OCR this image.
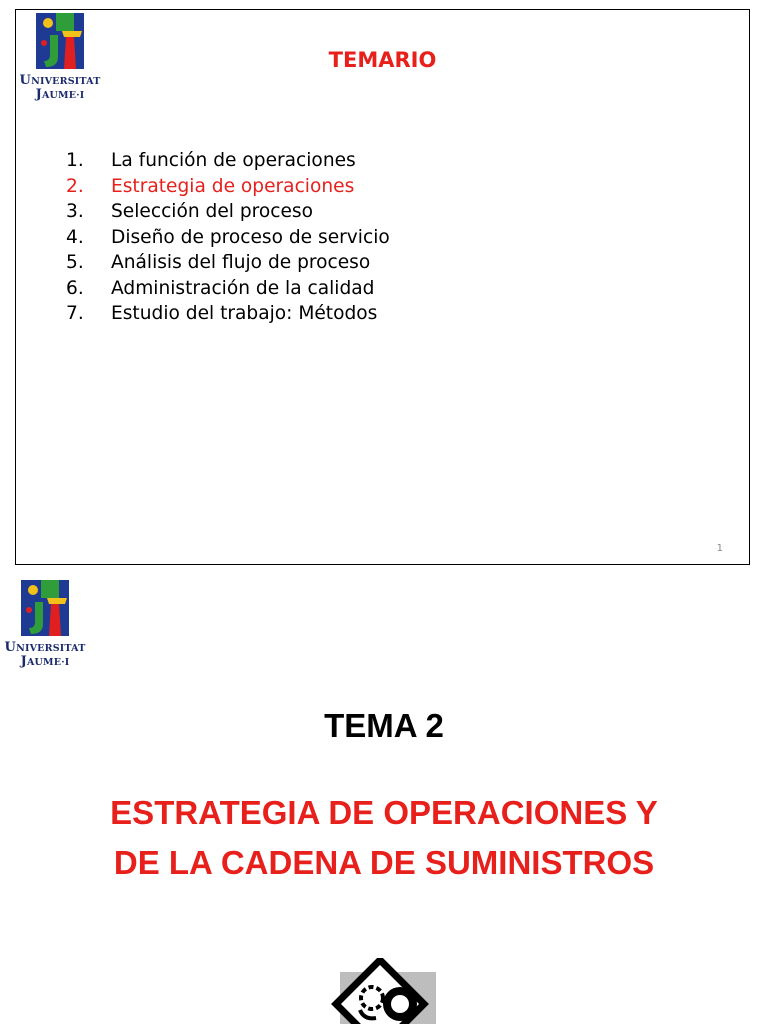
UNIVERSITAT
JAUME·I
TEMARIO
1.	La función de operaciones
2.	Estrategia de operaciones
3.	Selección del proceso
4.	Diseño de proceso de servicio
5.	Análisis del flujo de proceso
6.	Administración de la calidad
7.	Estudio del trabajo: Métodos
1
UNIVERSITAT
JAUME·I
TEMA 2
ESTRATEGIA DE OPERACIONES Y
DE LA CADENA DE SUMINISTROS
